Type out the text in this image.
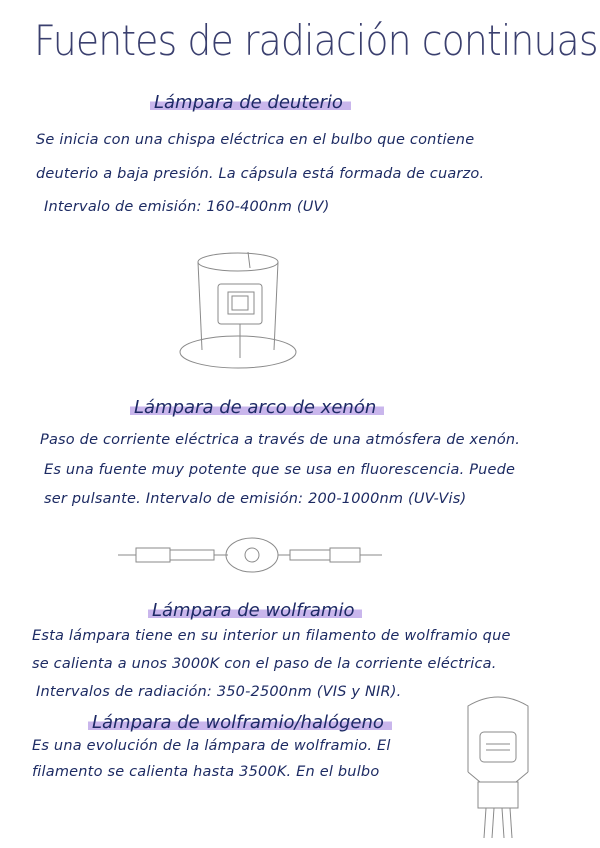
Fuentes de radiación continuas
Lámpara de deuterio
Se inicia con una chispa eléctrica en el bulbo que contiene
deuterio a baja presión. La cápsula está formada de cuarzo.
Intervalo de emisión: 160-400nm (UV)
Lámpara de arco de xenón
Paso de corriente eléctrica a través de una atmósfera de xenón.
Es una fuente muy potente que se usa en fluorescencia. Puede
ser pulsante. Intervalo de emisión: 200-1000nm (UV-Vis)
Lámpara de wolframio
Esta lámpara tiene en su interior un filamento de wolframio que
se calienta a unos 3000K con el paso de la corriente eléctrica.
Intervalos de radiación: 350-2500nm (VIS y NIR).
Lámpara de wolframio/halógeno
Es una evolución de la lámpara de wolframio. El
filamento se calienta hasta 3500K. En el bulbo
